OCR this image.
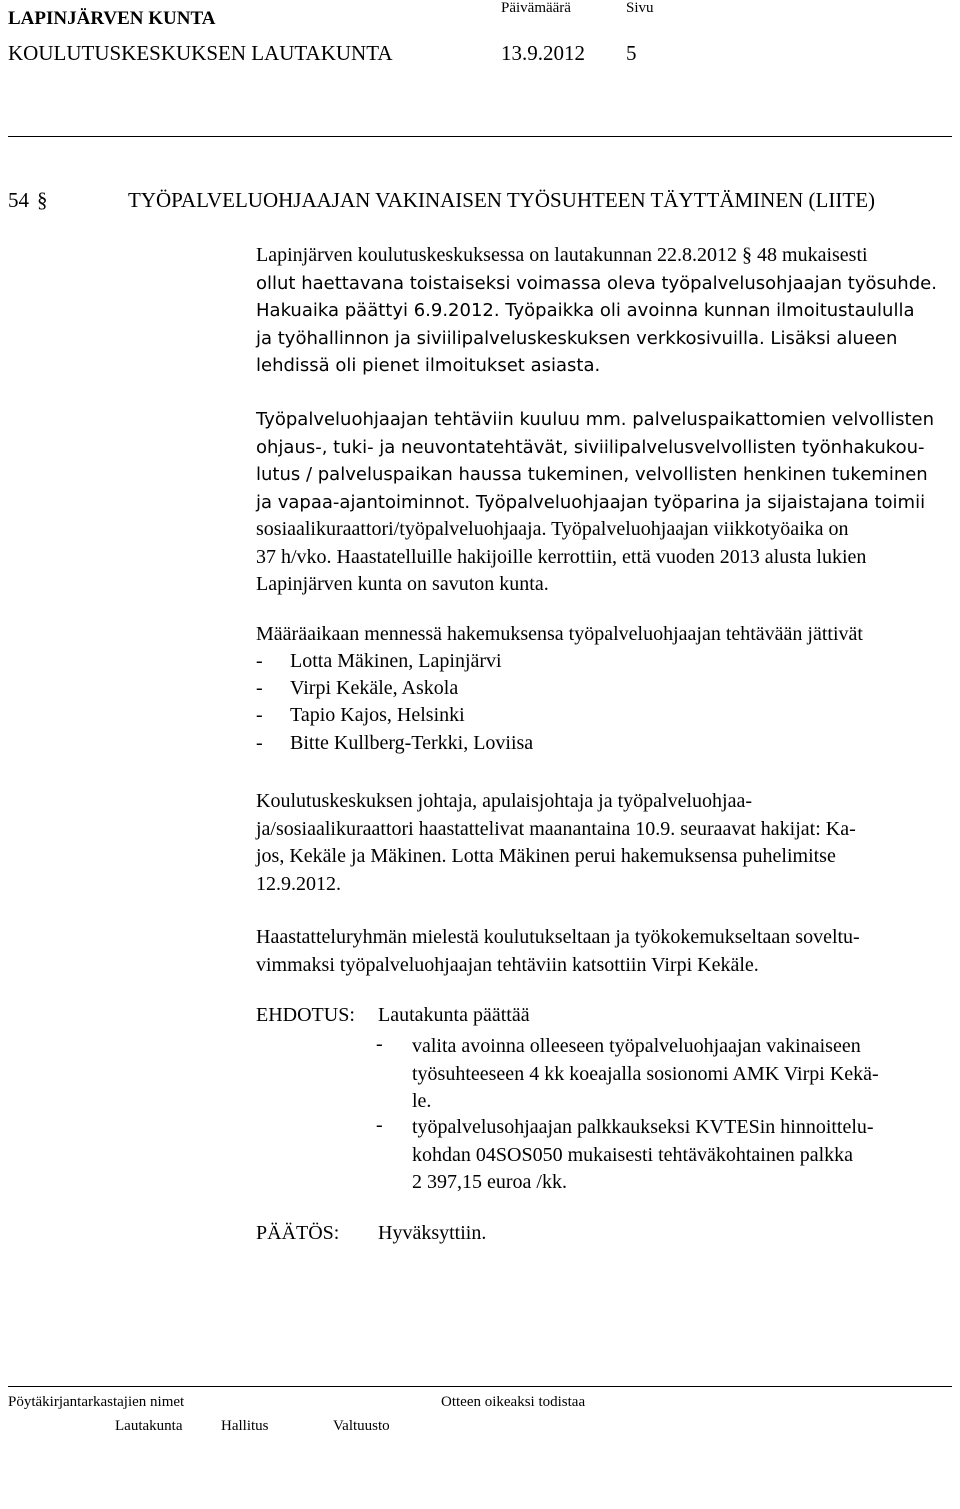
LAPINJÄRVEN KUNTA	Päivämäärä	Sivu
KOULUTUSKESKUKSEN LAUTAKUNTA	13.9.2012 5
54 §	TYÖPALVELUOHJAAJAN VAKINAISEN TYÖSUHTEEN TÄYTTÄMINEN (LIITE)
Lapinjärven koulutuskeskuksessa on lautakunnan 22.8.2012 § 48 mukaisesti
ollut haettavana toistaiseksi voimassa oleva työpalvelusohjaajan työsuhde.
Hakuaika päättyi 6.9.2012. Työpaikka oli avoinna kunnan ilmoitustaululla
ja työhallinnon ja siviilipalveluskeskuksen verkkosivuilla. Lisäksi alueen
lehdissä oli pienet ilmoitukset asiasta.
Työpalveluohjaajan tehtäviin kuuluu mm. palveluspaikattomien velvollisten
ohjaus-, tuki- ja neuvontatehtävät, siviilipalvelusvelvollisten työnhakukou-
lutus / palveluspaikan haussa tukeminen, velvollisten henkinen tukeminen
ja vapaa-ajantoiminnot. Työpalveluohjaajan työparina ja sijaistajana toimii
sosiaalikuraattori/työpalveluohjaaja. Työpalveluohjaajan viikkotyöaika on
37 h/vko. Haastatelluille hakijoille kerrottiin, että vuoden 2013 alusta lukien
Lapinjärven kunta on savuton kunta.
Määräaikaan mennessä hakemuksensa työpalveluohjaajan tehtävään jättivät
- Lotta Mäkinen, Lapinjärvi
- Virpi Kekäle, Askola
- Tapio Kajos, Helsinki
- Bitte Kullberg-Terkki, Loviisa
Koulutuskeskuksen johtaja, apulaisjohtaja ja työpalveluohjaa-
ja/sosiaalikuraattori haastattelivat maanantaina 10.9. seuraavat hakijat: Ka-
jos, Kekäle ja Mäkinen. Lotta Mäkinen perui hakemuksensa puhelimitse
12.9.2012.
Haastatteluryhmän mielestä koulutukseltaan ja työkokemukseltaan soveltu-
vimmaksi työpalveluohjaajan tehtäviin katsottiin Virpi Kekäle.
EHDOTUS: Lautakunta päättää
- valita avoinna olleeseen työpalveluohjaajan vakinaiseen
työsuhteeseen 4 kk koeajalla sosionomi AMK Virpi Kekä-
le.
- työpalvelusohjaajan palkkaukseksi KVTESin hinnoittelu-
kohdan 04SOS050 mukaisesti tehtäväkohtainen palkka
2 397,15 euroa /kk.
PÄÄTÖS: Hyväksyttiin.
Pöytäkirjantarkastajien nimet	Otteen oikeaksi todistaa
Lautakunta	Hallitus	Valtuusto
